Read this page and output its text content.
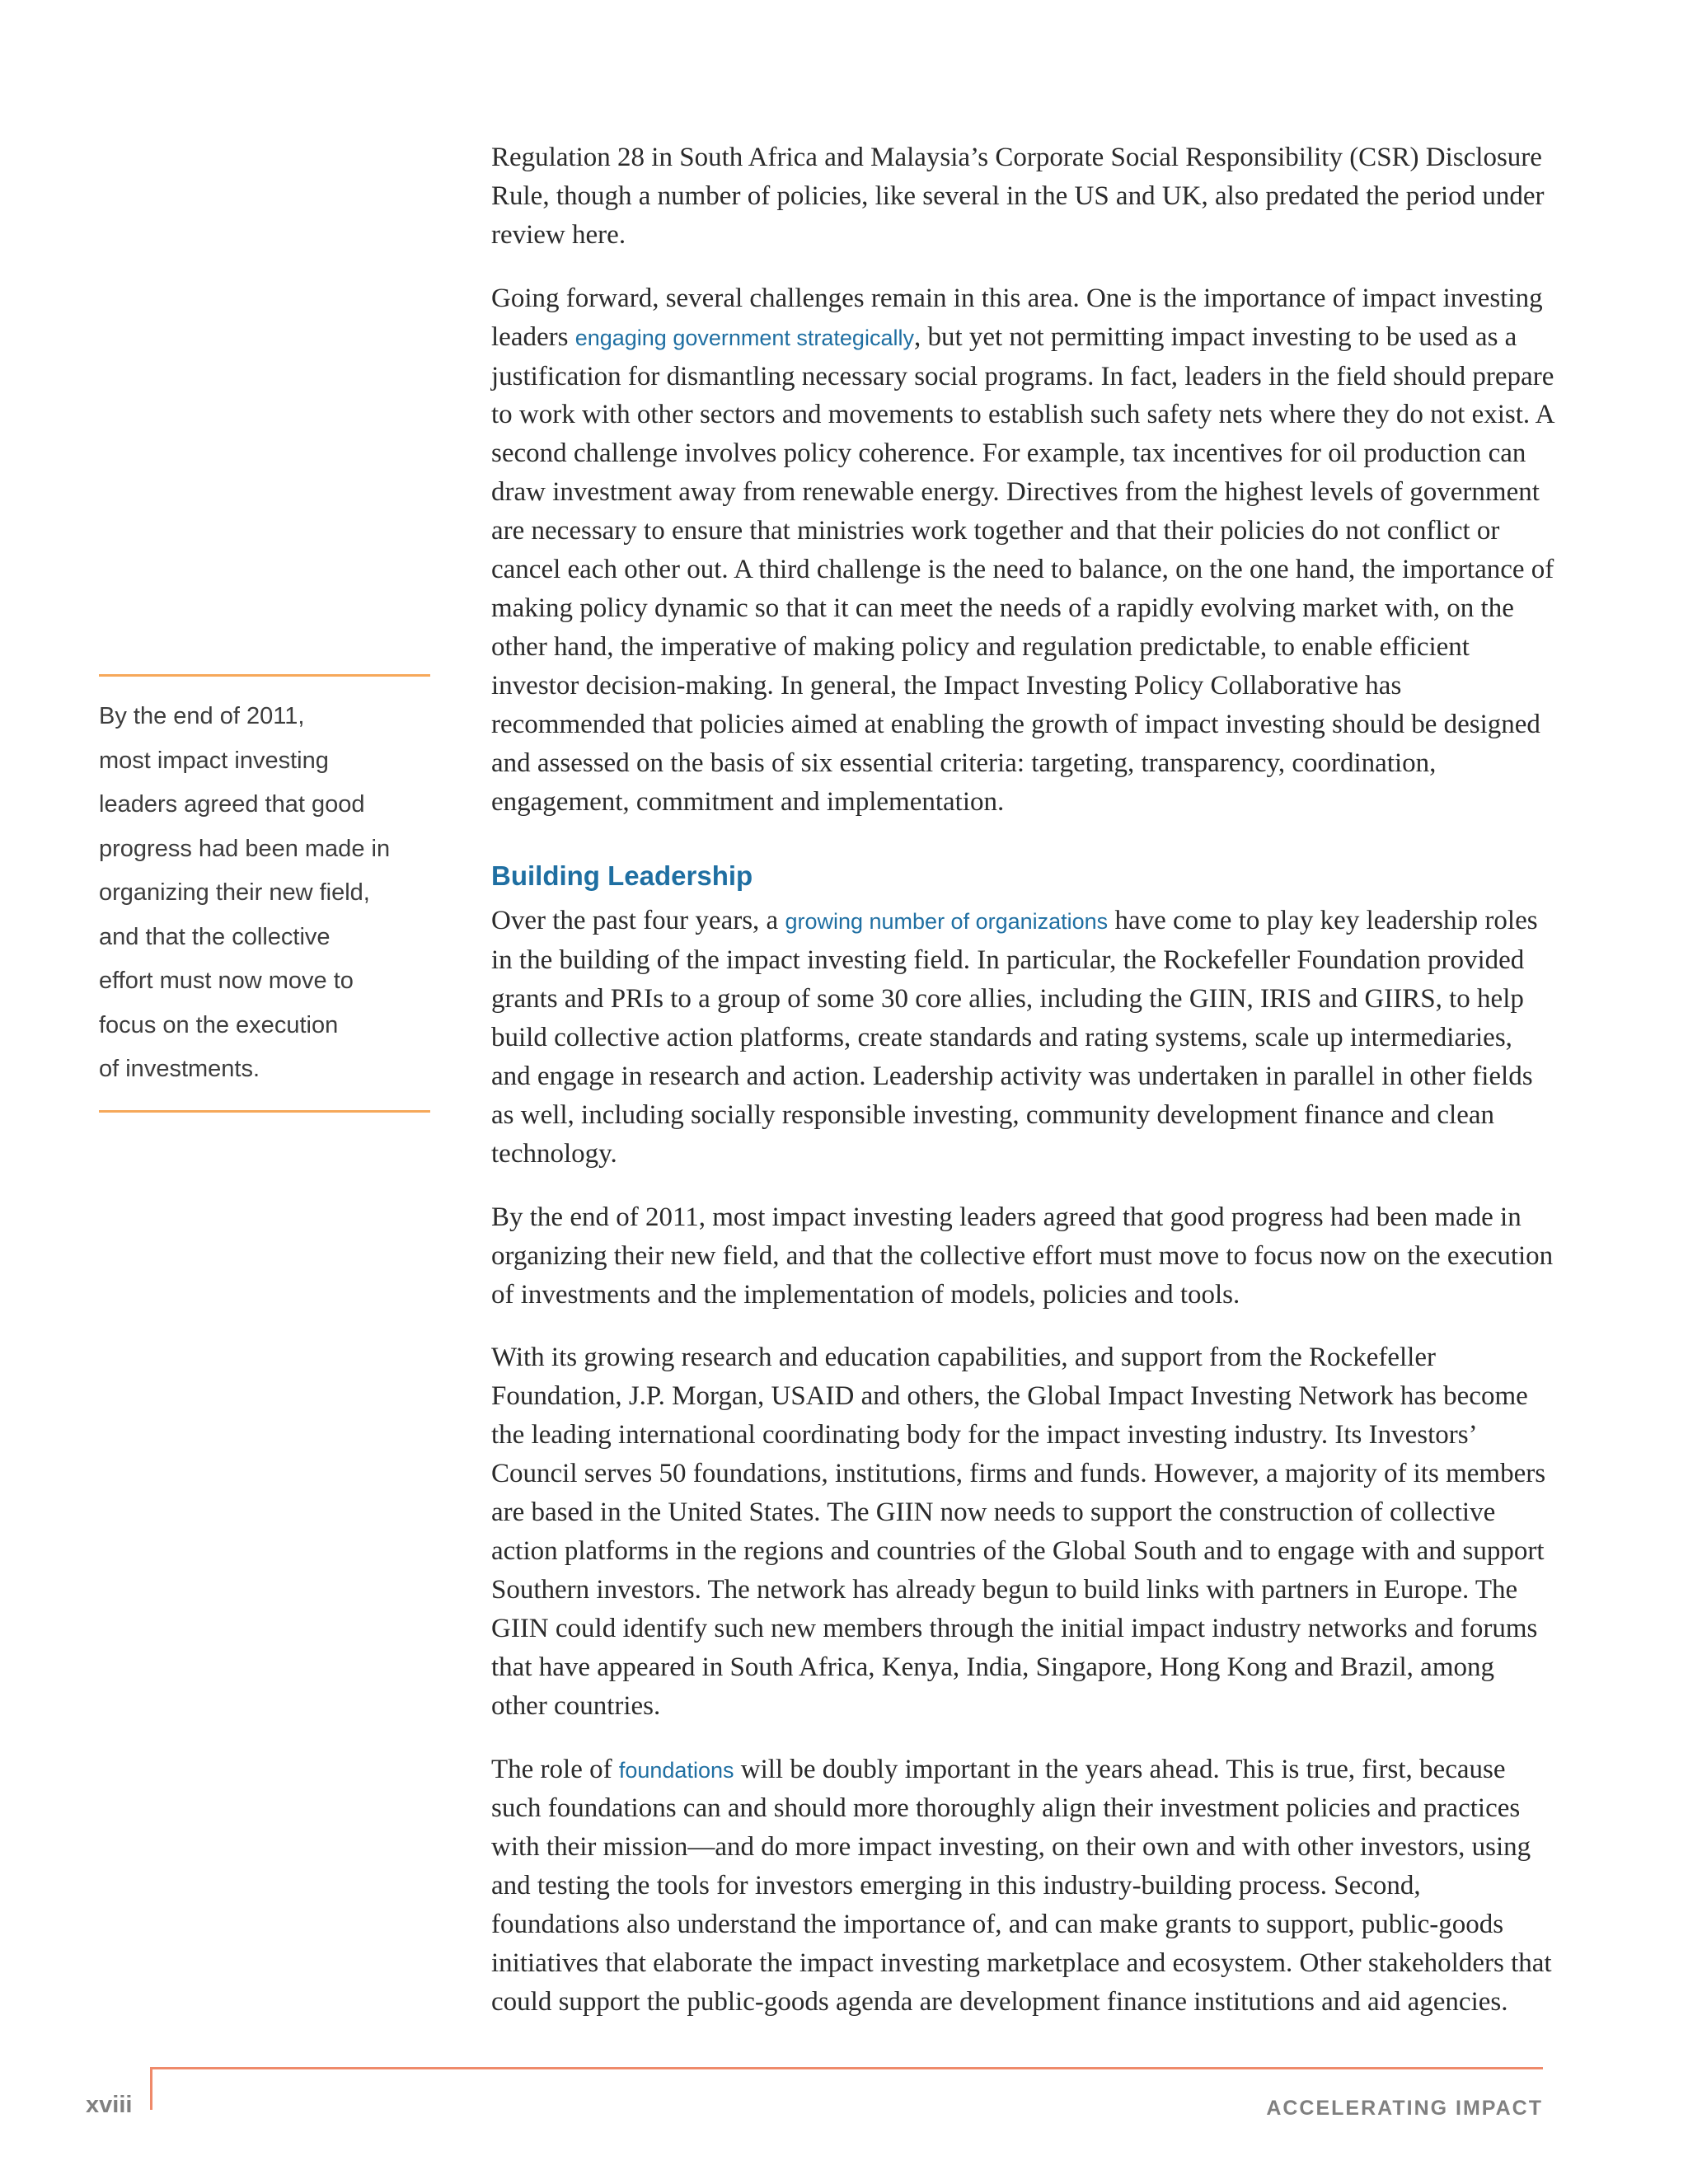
By the end of 2011,
most impact investing
leaders agreed that good
progress had been made in
organizing their new field,
and that the collective
effort must now move to
focus on the execution
of investments.

Regulation 28 in South Africa and Malaysia’s Corporate Social Responsibility (CSR) Disclosure Rule, though a number of policies, like several in the US and UK, also predated the period under review here.

Going forward, several challenges remain in this area. One is the importance of impact investing leaders engaging government strategically, but yet not permitting impact investing to be used as a justification for dismantling necessary social programs. In fact, leaders in the field should prepare to work with other sectors and movements to establish such safety nets where they do not exist. A second challenge involves policy coherence. For example, tax incentives for oil production can draw investment away from renewable energy. Directives from the highest levels of government are necessary to ensure that ministries work together and that their policies do not conflict or cancel each other out. A third challenge is the need to balance, on the one hand, the importance of making policy dynamic so that it can meet the needs of a rapidly evolving market with, on the other hand, the imperative of making policy and regulation predictable, to enable efficient investor decision-making. In general, the Impact Investing Policy Collaborative has recommended that policies aimed at enabling the growth of impact investing should be designed and assessed on the basis of six essential criteria: targeting, transparency, coordination, engagement, commitment and implementation.

Building Leadership

Over the past four years, a growing number of organizations have come to play key leadership roles in the building of the impact investing field. In particular, the Rockefeller Foundation provided grants and PRIs to a group of some 30 core allies, including the GIIN, IRIS and GIIRS, to help build collective action platforms, create standards and rating systems, scale up intermediaries, and engage in research and action. Leadership activity was undertaken in parallel in other fields as well, including socially responsible investing, community development finance and clean technology.

By the end of 2011, most impact investing leaders agreed that good progress had been made in organizing their new field, and that the collective effort must move to focus now on the execution of investments and the implementation of models, policies and tools.

With its growing research and education capabilities, and support from the Rockefeller Foundation, J.P. Morgan, USAID and others, the Global Impact Investing Network has become the leading international coordinating body for the impact investing industry. Its Investors’ Council serves 50 foundations, institutions, firms and funds. However, a majority of its members are based in the United States. The GIIN now needs to support the construction of collective action platforms in the regions and countries of the Global South and to engage with and support Southern investors. The network has already begun to build links with partners in Europe. The GIIN could identify such new members through the initial impact industry networks and forums that have appeared in South Africa, Kenya, India, Singapore, Hong Kong and Brazil, among other countries.

The role of foundations will be doubly important in the years ahead. This is true, first, because such foundations can and should more thoroughly align their investment policies and practices with their mission—and do more impact investing, on their own and with other investors, using and testing the tools for investors emerging in this industry-building process. Second, foundations also understand the importance of, and can make grants to support, public-goods initiatives that elaborate the impact investing marketplace and ecosystem. Other stakeholders that could support the public-goods agenda are development finance institutions and aid agencies.

xviii	ACCELERATING IMPACT
